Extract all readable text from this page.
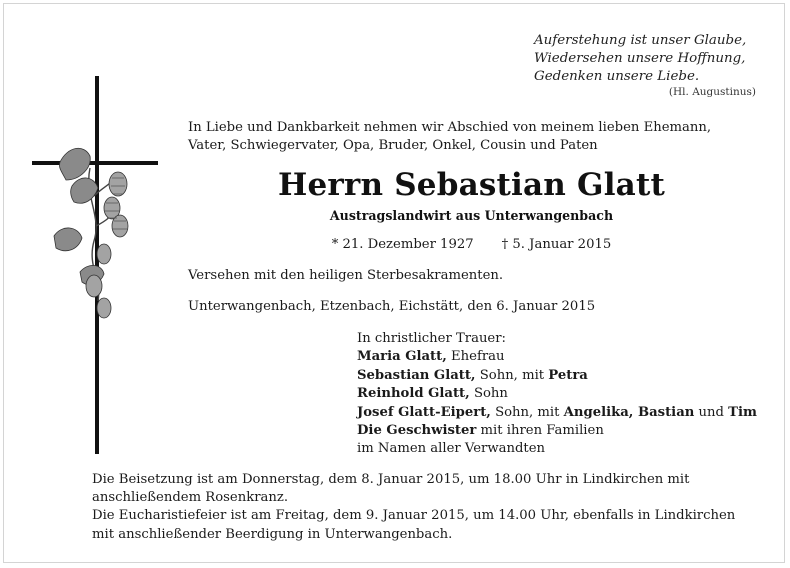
Auferstehung ist unser Glaube,
Wiedersehen unsere Hoffnung,
Gedenken unsere Liebe.
(Hl. Augustinus)
In Liebe und Dankbarkeit nehmen wir Abschied von meinem lieben Ehemann,
Vater, Schwiegervater, Opa, Bruder, Onkel, Cousin und Paten
Herrn Sebastian Glatt
Austragslandwirt aus Unterwangenbach
* 21. Dezember 1927 † 5. Januar 2015
Versehen mit den heiligen Sterbesakramenten.
Unterwangenbach, Etzenbach, Eichstätt, den 6. Januar 2015
In christlicher Trauer:
Maria Glatt, Ehefrau
Sebastian Glatt, Sohn, mit Petra
Reinhold Glatt, Sohn
Josef Glatt-Eipert, Sohn, mit Angelika, Bastian und Tim
Die Geschwister mit ihren Familien
im Namen aller Verwandten
Die Beisetzung ist am Donnerstag, dem 8. Januar 2015, um 18.00 Uhr in Lindkirchen mit
anschließendem Rosenkranz.
Die Eucharistiefeier ist am Freitag, dem 9. Januar 2015, um 14.00 Uhr, ebenfalls in Lindkirchen
mit anschließender Beerdigung in Unterwangenbach.
